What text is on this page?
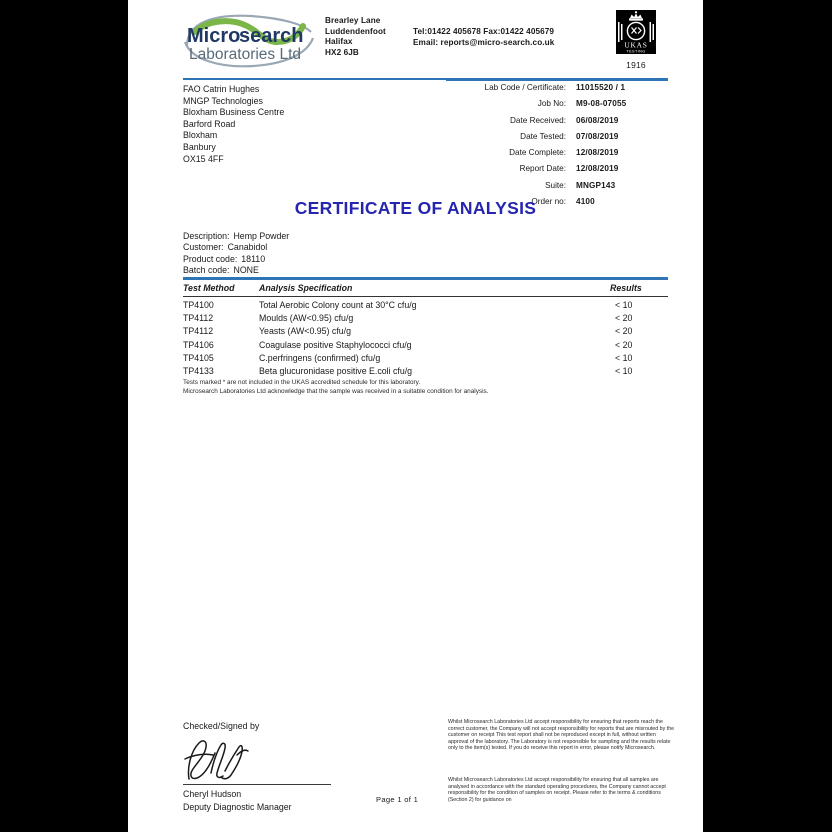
Micro
search
Laboratories Ltd
Brearley Lane
Luddendenfoot
Halifax
HX2 6JB
Tel:01422 405678 Fax:01422 405679
Email: reports@micro-search.co.uk	UKAS
TESTING
1916
FAO Catrin Hughes
MNGP Technologies
Bloxham Business Centre
Barford Road
Bloxham
Banbury
OX15 4FF
Lab Code / Certificate:	11015520 / 1
Job No:	M9-08-07055
Date Received:	06/08/2019
Date Tested:	07/08/2019
Date Complete:	12/08/2019
Report Date:	12/08/2019
Suite:	MNGP143
Order no:	4100
CERTIFICATE OF ANALYSIS
Description: Hemp Powder
Customer: Canabidol
Product code: 18110
Batch code: NONE
Test Method	Analysis Specification	Results
TP4100	Total Aerobic Colony count at 30°C cfu/g	< 10
TP4112	Moulds (AW<0.95) cfu/g	< 20
TP4112	Yeasts (AW<0.95) cfu/g	< 20
TP4106	Coagulase positive Staphylococci cfu/g	< 20
TP4105	C.perfringens (confirmed) cfu/g	< 10
TP4133	Beta glucuronidase positive E.coli cfu/g	< 10
Tests marked * are not included in the UKAS accredited schedule for this laboratory.
Microsearch Laboratories Ltd acknowledge that the sample was received in a suitable condition for analysis.
Checked/Signed by
Cheryl Hudson
Deputy Diagnostic Manager
Page 1 of 1
Whilst Microsearch Laboratories Ltd accept responsibility for ensuring that reports reach the correct customer, the Company will not accept responsibility for reports that are misrouted by the customer on receipt This test report shall not be reproduced except in full, without written approval of the laboratory. The Laboratory is not responsible for sampling and the results relate only to the item(s) tested. If you do receive this report in error, please notify Microsearch.
Whilst Microsearch Laboratories Ltd accept responsibility for ensuring that all samples are analysed in accordance with the standard operating procedures, the Company cannot accept responsibility for the condition of samples on receipt. Please refer to the terms & conditions (Section 2) for guidance on
